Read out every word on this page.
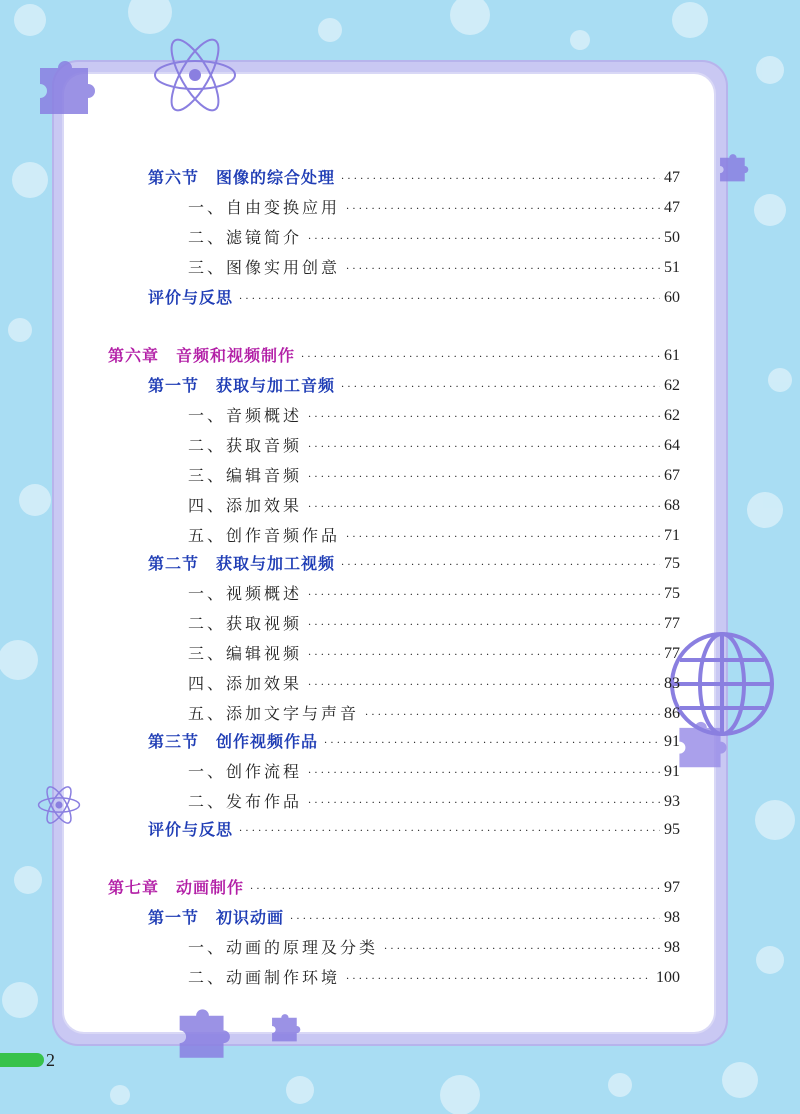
第六节　图像的综合处理 · · ·	47
一、自由变换应用 · · ·	47
二、滤镜简介 · · ·	50
三、图像实用创意 · · ·	51
评价与反思 · · ·	60
第六章　音频和视频制作 · · ·	61
第一节　获取与加工音频 · · ·	62
一、音频概述 · · ·	62
二、获取音频 · · ·	64
三、编辑音频 · · ·	67
四、添加效果 · · ·	68
五、创作音频作品 · · ·	71
第二节　获取与加工视频 · · ·	75
一、视频概述 · · ·	75
二、获取视频 · · ·	77
三、编辑视频 · · ·	77
四、添加效果 · · ·	83
五、添加文字与声音 · · ·	86
第三节　创作视频作品 · · ·	91
一、创作流程 · · ·	91
二、发布作品 · · ·	93
评价与反思 · · ·	95
第七章　动画制作 · · ·	97
第一节　初识动画 · · ·	98
一、动画的原理及分类 · · ·	98
二、动画制作环境 · · ·	100
2
